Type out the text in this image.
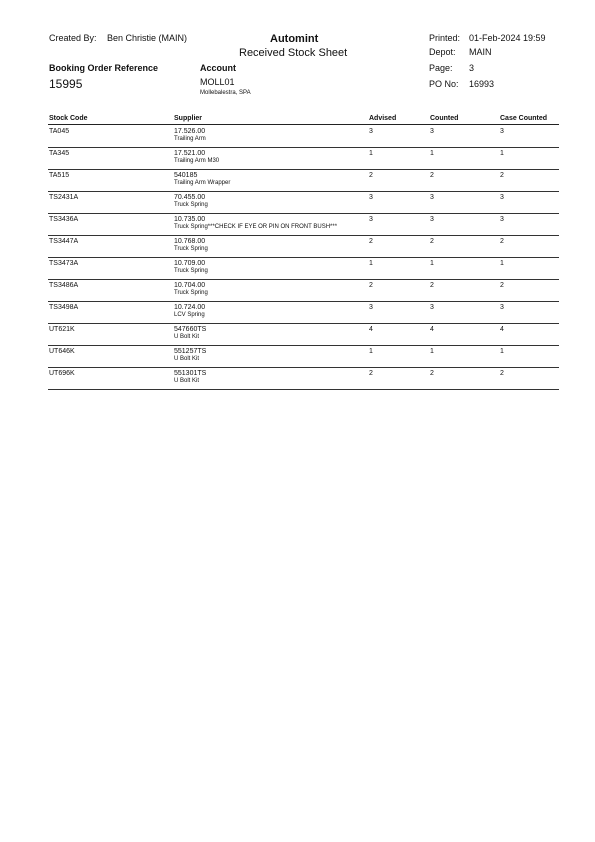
Created By: Ben Christie (MAIN)	Automint
Received Stock Sheet
Printed: 01-Feb-2024 19:59
Depot: MAIN
Page: 3
PO No: 16993
Booking Order Reference
15995
Account
MOLL01
Mollebalestra, SPA
Stock Code	Supplier	Advised	Counted	Case Counted
TA045	17.526.00	3	3	3
Trailing Arm
TA345	17.521.00	1	1	1
Trailing Arm M30
TA515	540185	2	2	2
Trailing Arm Wrapper
TS2431A	70.455.00	3	3	3
Truck Spring
TS3436A	10.735.00	3	3	3
Truck Spring***CHECK IF EYE OR PIN ON FRONT BUSH***
TS3447A	10.768.00	2	2	2
Truck Spring
TS3473A	10.709.00	1	1	1
Truck Spring
TS3486A	10.704.00	2	2	2
Truck Spring
TS3498A	10.724.00	3	3	3
LCV Spring
UT621K	547660TS	4	4	4
U Bolt Kit
UT646K	551257TS	1	1	1
U Bolt Kit
UT696K	551301TS	2	2	2
U Bolt Kit
